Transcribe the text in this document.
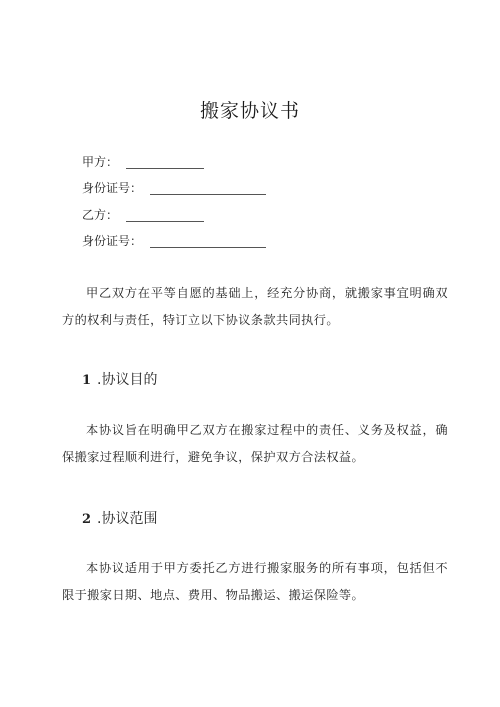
搬家协议书
甲方：
身份证号：
乙方：
身份证号：
甲乙双方在平等自愿的基础上，经充分协商，就搬家事宜明确双方的权利与责任，特订立以下协议条款共同执行。
1 .协议目的
本协议旨在明确甲乙双方在搬家过程中的责任、义务及权益，确保搬家过程顺利进行，避免争议，保护双方合法权益。
2 .协议范围
本协议适用于甲方委托乙方进行搬家服务的所有事项，包括但不限于搬家日期、地点、费用、物品搬运、搬运保险等。
